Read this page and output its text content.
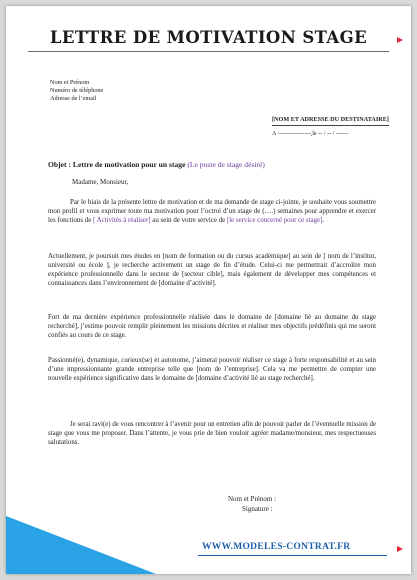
LETTRE DE MOTIVATION STAGE
Nom et Prénom
Numéro de téléphone
Adresse de l’email
[NOM ET ADRESSE DU DESTINATAIRE]
A ----------------,le -- / -- / ------
Objet : Lettre de motivation pour un stage (Le poste de stage désiré)
Madame, Monsieur,
Par le biais de la présente lettre de motivation et de ma demande de stage ci-jointe, je souhaite vous soumettre mon profil et vous exprimer toute ma motivation pour l’octroi d’un stage de (….) semaines pour apprendre et exercer les fonctions de [ Activités à réaliser] au sein de votre service de [le service concerné pour ce stage].
Actuellement, je poursuit mes études en [nom de formation ou du cursus académique] au sein de [ nom de l’institut, université ou école ], je recherche activement un stage de fin d’étude. Celui-ci me permettrait d’accroître mon expérience professionnelle dans le secteur de [secteur cible], mais également de développer mes compétences et connaissances dans l’environnement de [domaine d’activité].
Fort de ma dernière expérience professionnelle réalisée dans le domaine de [domaine lié au domaine du stage recherché], j’estime pouvoir remplir pleinement les missions décrites et réaliser mes objectifs prédéfinis qui me seront confiés au cours de ce stage.
Passionné(e), dynamique, curieux(se) et autonome, j’aimerai pouvoir réaliser ce stage à forte responsabilité et au sein d’une impressionnante grande entreprise telle que [nom de l’entreprise]. Cela va me permettre de compter une nouvelle expérience significative dans le domaine de [domaine d’activité lié au stage recherché].
Je serai ravi(e) de vous rencontrer à l’avenir pour un entretien afin de pouvoir parler de l’éventuelle mission de stage que vous me proposer. Dans l’attente, je vous prie de bien vouloir agréer madame/monsieur, mes respectueuses salutations.
Nom et Prénom :
Signature :
WWW.MODELES-CONTRAT.FR
